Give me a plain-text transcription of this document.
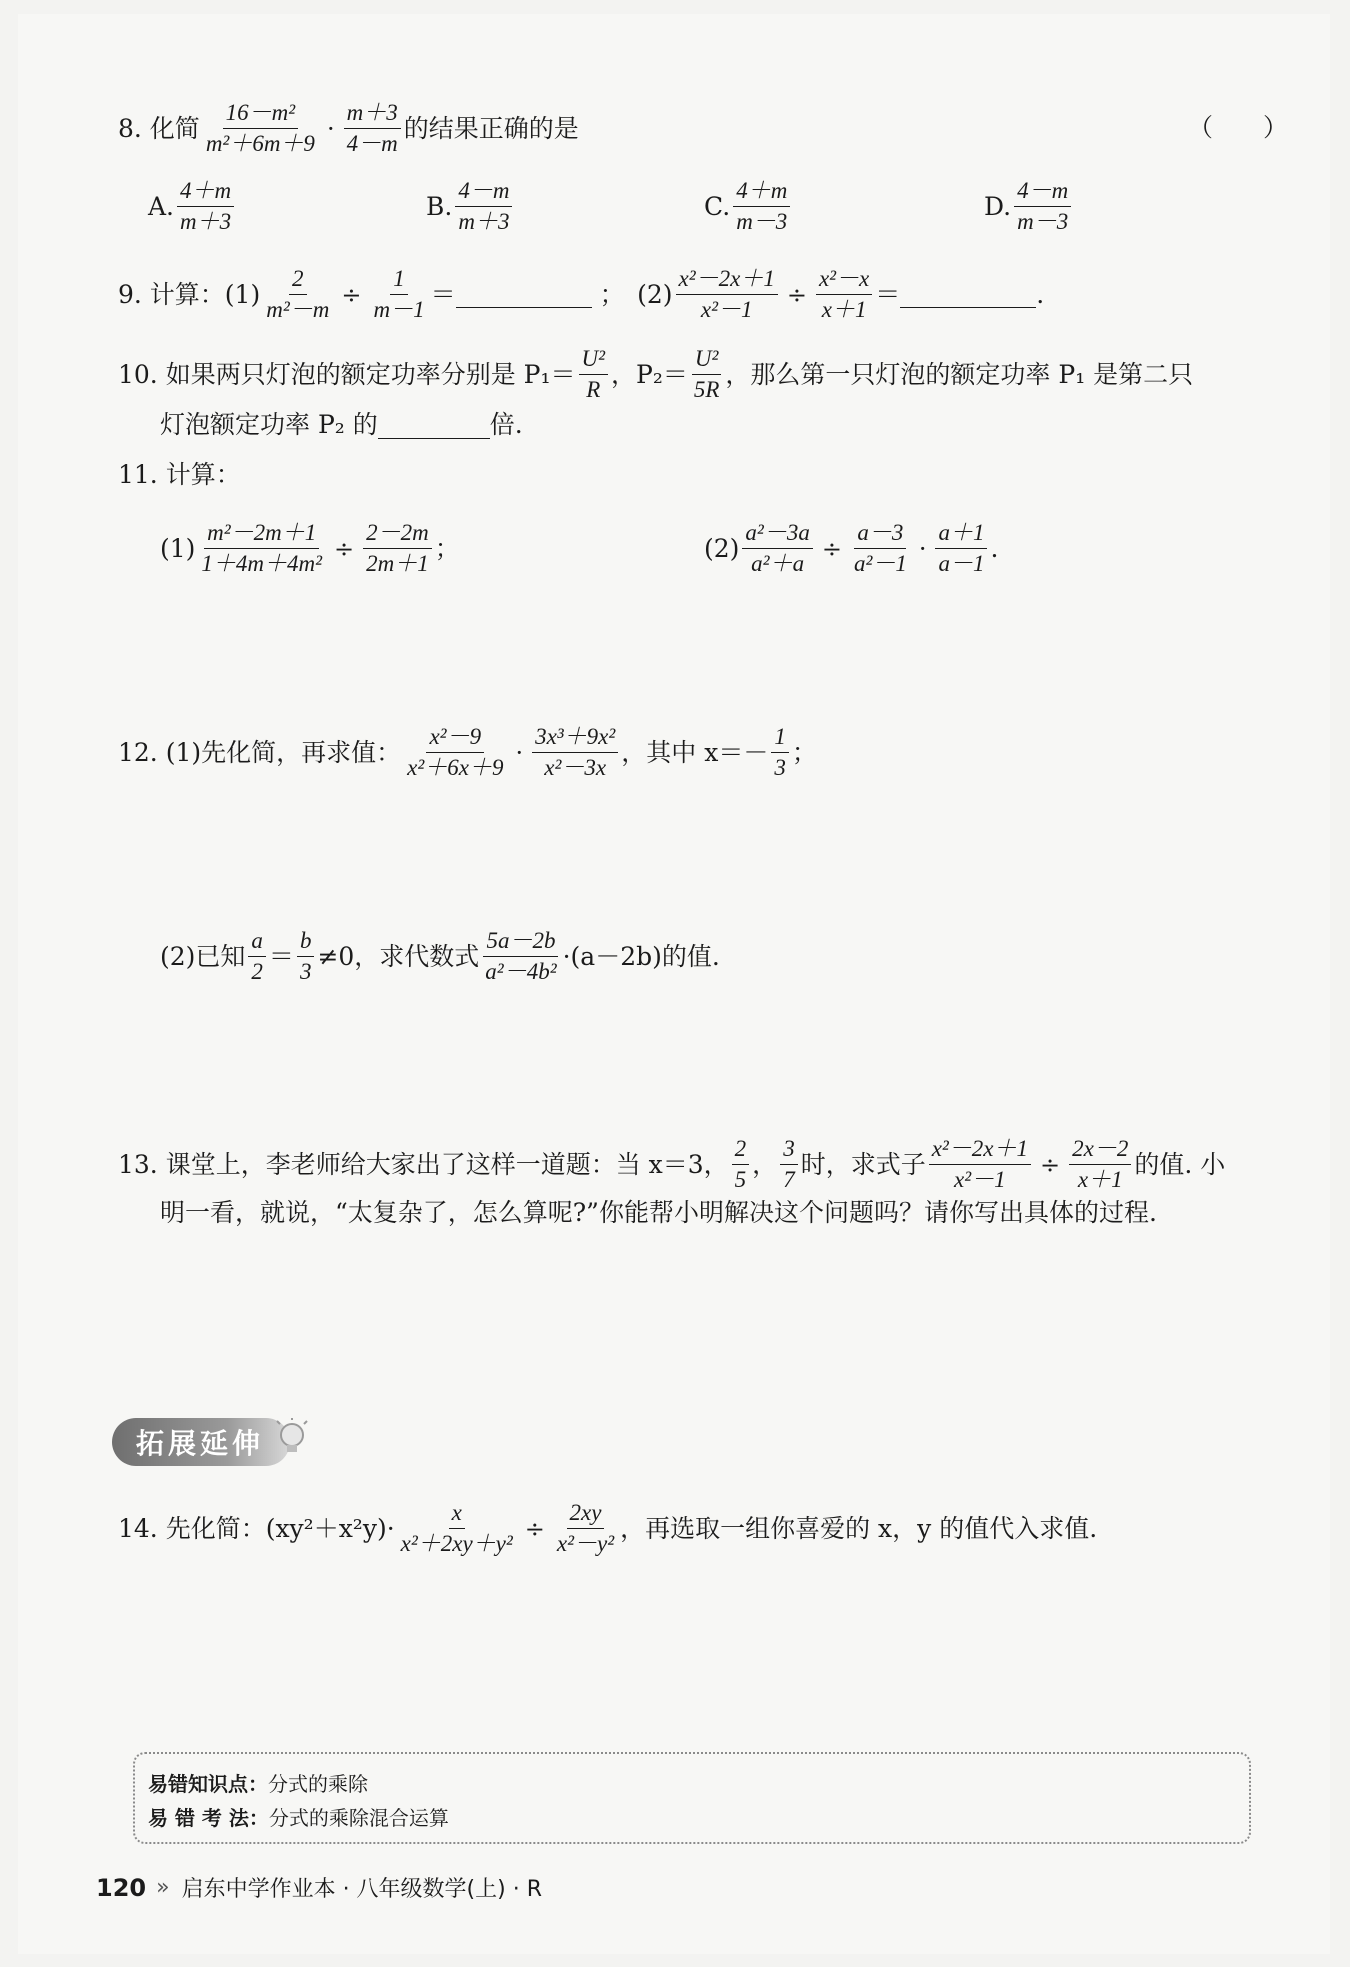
8. 化简 $\frac{\text{16－m²}}{\text{m²＋6m＋9}} \cdot \frac{m+3}{4-m}$ 的结果正确的是	（　　）
A. $\frac{4+m}{m+3}$	B. $\frac{4-m}{m+3}$	C. $\frac{4+m}{m-3}$	D. $\frac{4-m}{m-3}$
9. 计算：$(1) \frac{2}{\text{m²－m}} \div \frac{1}{m-1}$ ＝	；　$(2) \frac{\text{x²－2x＋1}}{\text{x²－1}} \div \frac{\text{x²－x}}{x+1}$ ＝	.
10. 如果两只灯泡的额定功率分别是 $P_1= \frac{\text{U²}}{R}$ ，$P_2= \frac{\text{U²}}{5R}$ ，那么第一只灯泡的额定功率 P₁ 是第二只
灯泡额定功率 P₂ 的	倍.
11. 计算：
$(1) \frac{\text{m²－2m＋1}}{\text{1＋4m＋4m²}} \div \frac{2-2m}{2m+1}$ ；	$(2) \frac{\text{a²－3a}}{\text{a²＋a}} \div \frac{a-3}{\text{a²－1}} \cdot \frac{a+1}{a-1}$ .
12. (1)先化简，再求值： $\frac{\text{x²－9}}{\text{x²＋6x＋9}} \cdot \frac{\text{3x³＋9x²}}{\text{x²－3x}}$ ，其中 $x=- \frac{1}{3}$ ；
(2)已知 $\frac{a}{2} = \frac{b}{3} \ne 0$，求代数式 $\frac{5a-2b}{\text{a²－4b²}} \cdot(a-2b)$的值.
13. 课堂上，李老师给大家出了这样一道题：当 x＝3， $\frac{2}{5}$ ， $\frac{3}{7}$ 时，求式子 $\frac{\text{x²－2x＋1}}{\text{x²－1}} \div \frac{2x-2}{x+1}$ 的值. 小
明一看，就说，“太复杂了，怎么算呢?”你能帮小明解决这个问题吗？请你写出具体的过程.
拓展延伸
14. 先化简：$(xy^2+x^2y)\cdot \frac{x}{\text{x²＋2xy＋y²}} \div \frac{2xy}{\text{x²－y²}}$ ，再选取一组你喜爱的 x，y 的值代入求值.
易错知识点：分式的乘除
易 错 考 法：分式的乘除混合运算
120 » 启东中学作业本 · 八年级数学(上) · R
